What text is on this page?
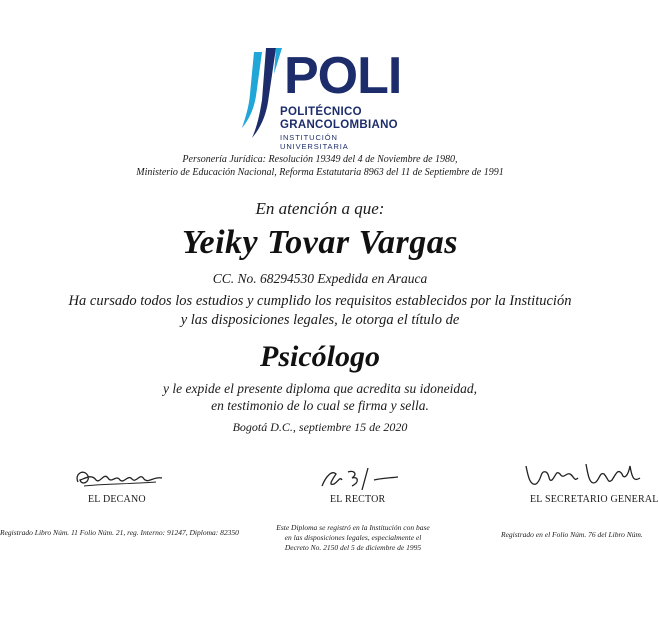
POLI
POLITÉCNICO
GRANCOLOMBIANO
INSTITUCIÓN UNIVERSITARIA
Personería Jurídica: Resolución 19349 del 4 de Noviembre de 1980,
Ministerio de Educación Nacional, Reforma Estatutaria 8963 del 11 de Septiembre de 1991
En atención a que:
Yeiky Tovar Vargas
CC. No. 68294530 Expedida en Arauca
Ha cursado todos los estudios y cumplido los requisitos establecidos por la Institución
y las disposiciones legales, le otorga el título de
Psicólogo
y le expide el presente diploma que acredita su idoneidad,
en testimonio de lo cual se firma y sella.
Bogotá D.C., septiembre 15 de 2020
EL DECANO	EL RECTOR	EL SECRETARIO GENERAL
Registrado Libro Núm. 11 Folio Núm. 21, reg. Interno: 91247, Diploma: 82350
Este Diploma se registró en la Institución con base
en las disposiciones legales, especialmente el
Decreto No. 2150 del 5 de diciembre de 1995
Registrado en el Folio Núm. 76 del Libro Núm.
